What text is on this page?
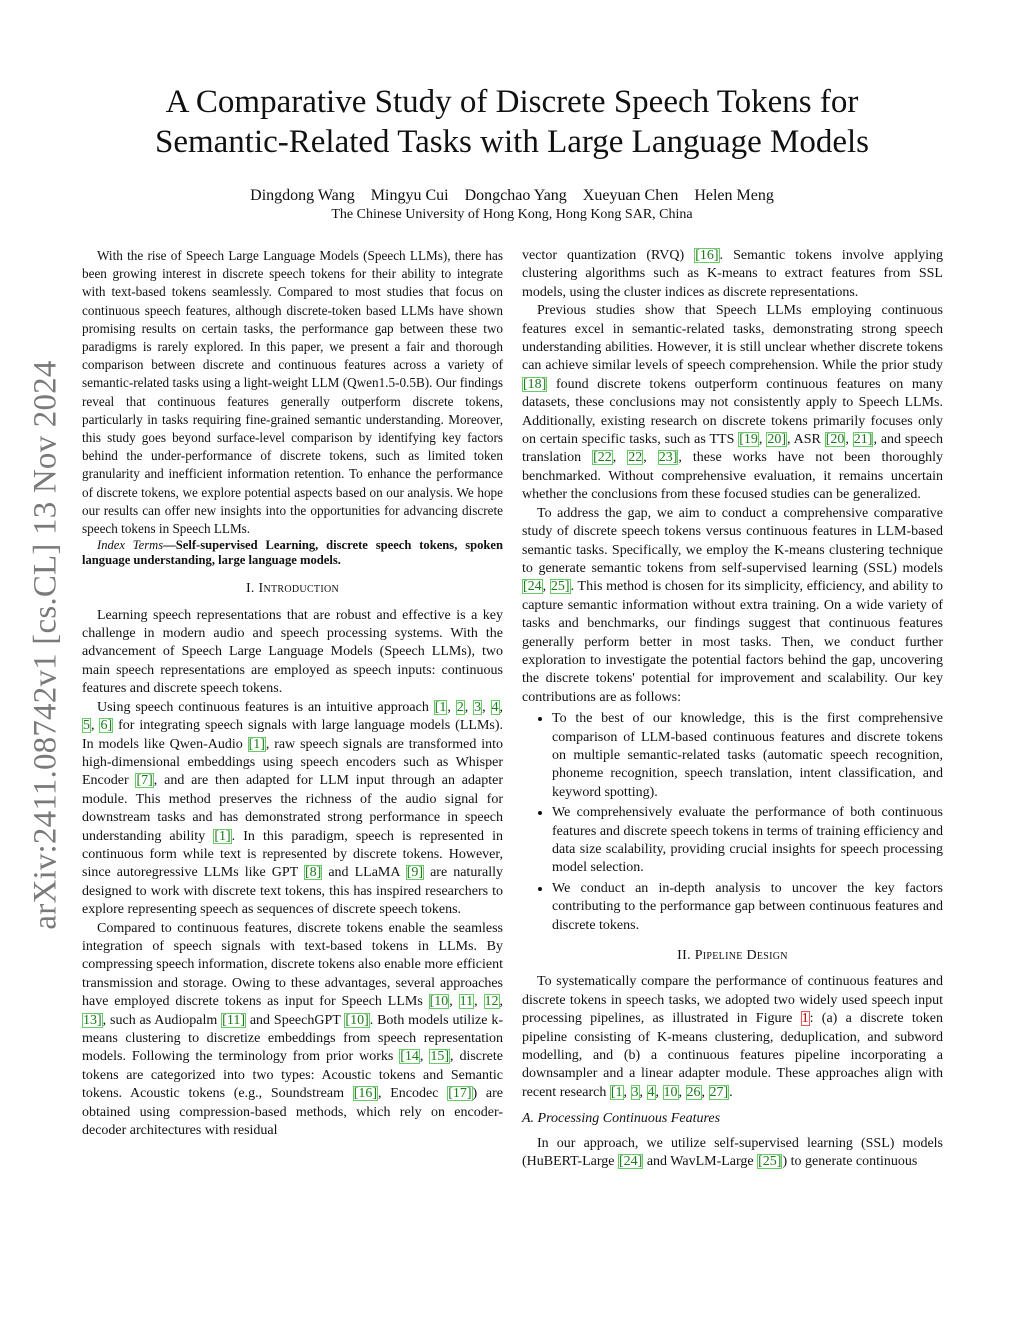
arXiv:2411.08742v1 [cs.CL] 13 Nov 2024
A Comparative Study of Discrete Speech Tokens for
Semantic-Related Tasks with Large Language Models
Dingdong Wang Mingyu Cui Dongchao Yang Xueyuan Chen Helen Meng
The Chinese University of Hong Kong, Hong Kong SAR, China

With the rise of Speech Large Language Models (Speech LLMs), there has been growing interest in discrete speech tokens for their ability to integrate with text-based tokens seamlessly. Compared to most studies that focus on continuous speech features, although discrete-token based LLMs have shown promising results on certain tasks, the performance gap between these two paradigms is rarely explored. In this paper, we present a fair and thorough comparison between discrete and continuous features across a variety of semantic-related tasks using a light-weight LLM (Qwen1.5-0.5B). Our findings reveal that continuous features generally outperform discrete tokens, particularly in tasks requiring fine-grained semantic understanding. Moreover, this study goes beyond surface-level comparison by identifying key factors behind the under-performance of discrete tokens, such as limited token granularity and inefficient information retention. To enhance the performance of discrete tokens, we explore potential aspects based on our analysis. We hope our results can offer new insights into the opportunities for advancing discrete speech tokens in Speech LLMs.

Index Terms—Self-supervised Learning, discrete speech tokens, spoken language understanding, large language models.

I. Introduction

Learning speech representations that are robust and effective is a key challenge in modern audio and speech processing systems. With the advancement of Speech Large Language Models (Speech LLMs), two main speech representations are employed as speech inputs: continuous features and discrete speech tokens.

Using speech continuous features is an intuitive approach [1, 2, 3, 4, 5, 6] for integrating speech signals with large language models (LLMs). In models like Qwen-Audio [1], raw speech signals are transformed into high-dimensional embeddings using speech encoders such as Whisper Encoder [7], and are then adapted for LLM input through an adapter module. This method preserves the richness of the audio signal for downstream tasks and has demonstrated strong performance in speech understanding ability [1]. In this paradigm, speech is represented in continuous form while text is represented by discrete tokens. However, since autoregressive LLMs like GPT [8] and LLaMA [9] are naturally designed to work with discrete text tokens, this has inspired researchers to explore representing speech as sequences of discrete speech tokens.

Compared to continuous features, discrete tokens enable the seamless integration of speech signals with text-based tokens in LLMs. By compressing speech information, discrete tokens also enable more efficient transmission and storage. Owing to these advantages, several approaches have employed discrete tokens as input for Speech LLMs [10, 11, 12, 13], such as Audiopalm [11] and SpeechGPT [10]. Both models utilize k-means clustering to discretize embeddings from speech representation models. Following the terminology from prior works [14, 15], discrete tokens are categorized into two types: Acoustic tokens and Semantic tokens. Acoustic tokens (e.g., Soundstream [16], Encodec [17]) are obtained using compression-based methods, which rely on encoder-decoder architectures with residual

vector quantization (RVQ) [16]. Semantic tokens involve applying clustering algorithms such as K-means to extract features from SSL models, using the cluster indices as discrete representations.

Previous studies show that Speech LLMs employing continuous features excel in semantic-related tasks, demonstrating strong speech understanding abilities. However, it is still unclear whether discrete tokens can achieve similar levels of speech comprehension. While the prior study [18] found discrete tokens outperform continuous features on many datasets, these conclusions may not consistently apply to Speech LLMs. Additionally, existing research on discrete tokens primarily focuses only on certain specific tasks, such as TTS [19, 20], ASR [20, 21], and speech translation [22, 22, 23], these works have not been thoroughly benchmarked. Without comprehensive evaluation, it remains uncertain whether the conclusions from these focused studies can be generalized.

To address the gap, we aim to conduct a comprehensive comparative study of discrete speech tokens versus continuous features in LLM-based semantic tasks. Specifically, we employ the K-means clustering technique to generate semantic tokens from self-supervised learning (SSL) models [24, 25]. This method is chosen for its simplicity, efficiency, and ability to capture semantic information without extra training. On a wide variety of tasks and benchmarks, our findings suggest that continuous features generally perform better in most tasks. Then, we conduct further exploration to investigate the potential factors behind the gap, uncovering the discrete tokens' potential for improvement and scalability. Our key contributions are as follows:

• To the best of our knowledge, this is the first comprehensive comparison of LLM-based continuous features and discrete tokens on multiple semantic-related tasks (automatic speech recognition, phoneme recognition, speech translation, intent classification, and keyword spotting).
• We comprehensively evaluate the performance of both continuous features and discrete speech tokens in terms of training efficiency and data size scalability, providing crucial insights for speech processing model selection.
• We conduct an in-depth analysis to uncover the key factors contributing to the performance gap between continuous features and discrete tokens.
II. Pipeline Design

To systematically compare the performance of continuous features and discrete tokens in speech tasks, we adopted two widely used speech input processing pipelines, as illustrated in Figure 1: (a) a discrete token pipeline consisting of K-means clustering, deduplication, and subword modelling, and (b) a continuous features pipeline incorporating a downsampler and a linear adapter module. These approaches align with recent research [1, 3, 4, 10, 26, 27].

A. Processing Continuous Features

In our approach, we utilize self-supervised learning (SSL) models (HuBERT-Large [24] and WavLM-Large [25]) to generate continuous
